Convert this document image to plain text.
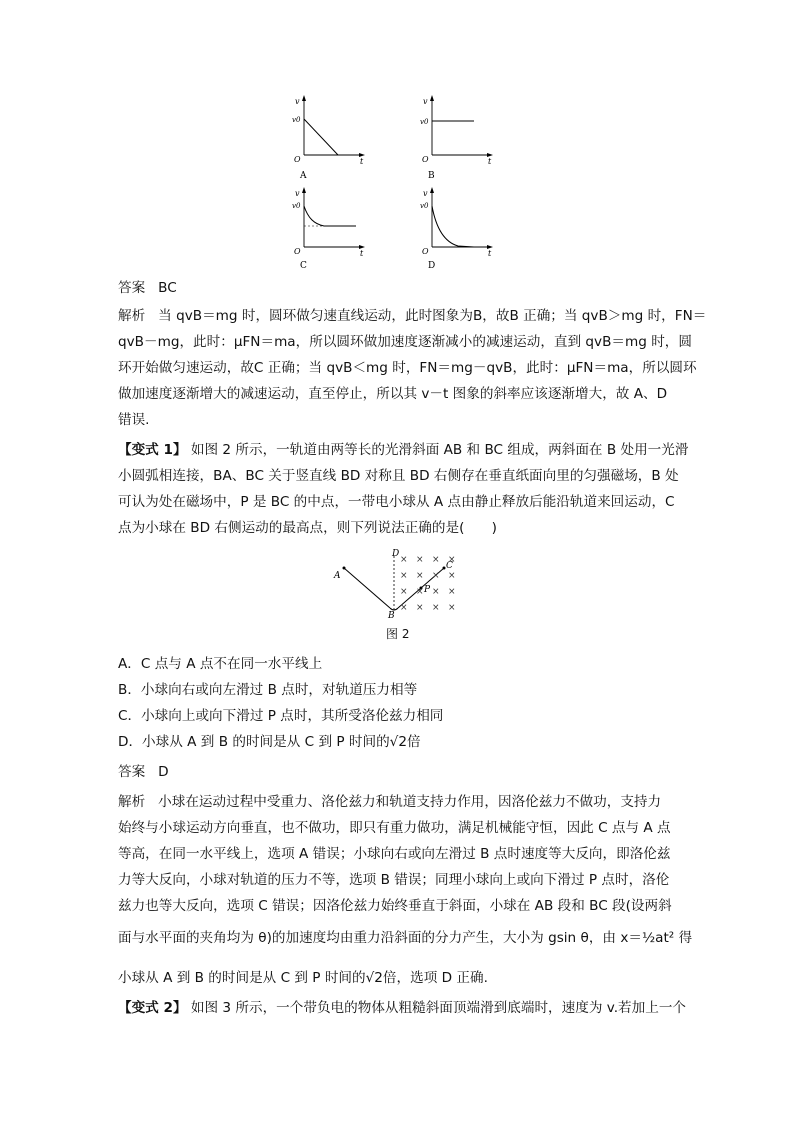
v
t
O
v0
A
v
t
O
v0
B
v
t
O
v0
C
v
t
O
v0
D
答案 BC
解析 当 qvB＝mg 时，圆环做匀速直线运动，此时图象为B，故B 正确；当 qvB＞mg 时，FN＝
qvB－mg，此时：μFN＝ma，所以圆环做加速度逐渐减小的减速运动，直到 qvB＝mg 时，圆
环开始做匀速运动，故C 正确；当 qvB＜mg 时，FN＝mg－qvB，此时：μFN＝ma，所以圆环
做加速度逐渐增大的减速运动，直至停止，所以其 v－t 图象的斜率应该逐渐增大，故 A、D
错误.
【变式 1】 如图 2 所示，一轨道由两等长的光滑斜面 AB 和 BC 组成，两斜面在 B 处用一光滑
小圆弧相连接，BA、BC 关于竖直线 BD 对称且 BD 右侧存在垂直纸面向里的匀强磁场，B 处
可认为处在磁场中，P 是 BC 的中点，一带电小球从 A 点由静止释放后能沿轨道来回运动，C
点为小球在 BD 右侧运动的最高点，则下列说法正确的是(　　)
× × × ×
× × × ×
× × × ×
× × × ×
A
B
C
D
P
图 2
A．C 点与 A 点不在同一水平线上
B．小球向右或向左滑过 B 点时，对轨道压力相等
C．小球向上或向下滑过 P 点时，其所受洛伦兹力相同
D．小球从 A 到 B 的时间是从 C 到 P 时间的√2倍
答案 D
解析 小球在运动过程中受重力、洛伦兹力和轨道支持力作用，因洛伦兹力不做功，支持力
始终与小球运动方向垂直，也不做功，即只有重力做功，满足机械能守恒，因此 C 点与 A 点
等高，在同一水平线上，选项 A 错误；小球向右或向左滑过 B 点时速度等大反向，即洛伦兹
力等大反向，小球对轨道的压力不等，选项 B 错误；同理小球向上或向下滑过 P 点时，洛伦
兹力也等大反向，选项 C 错误；因洛伦兹力始终垂直于斜面，小球在 AB 段和 BC 段(设两斜
面与水平面的夹角均为 θ)的加速度均由重力沿斜面的分力产生，大小为 gsin θ，由 x＝½at² 得
小球从 A 到 B 的时间是从 C 到 P 时间的√2倍，选项 D 正确.
【变式 2】 如图 3 所示，一个带负电的物体从粗糙斜面顶端滑到底端时，速度为 v.若加上一个
